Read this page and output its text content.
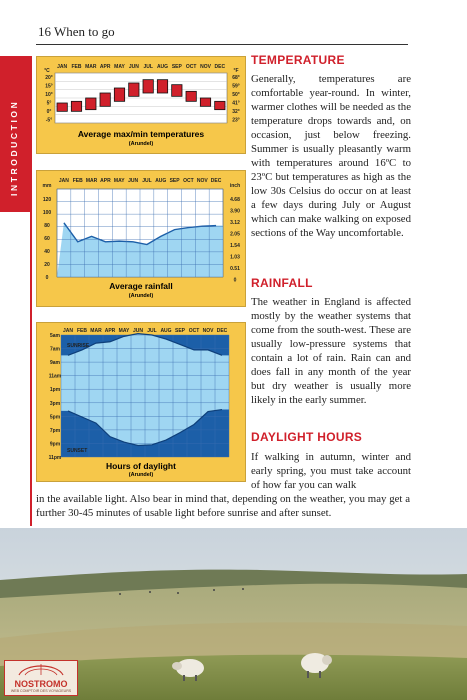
16 When to go
INTRODUCTION	Average max/min temperatures
(Arundel)
JAN FEB MAR APR MAY JUN JUL AUG SEP OCT NOV DEC
°C	°F
20°
15°
10°
5°
0°
-5°
68°
59°
50°
41°
32°
23°
Average rainfall
(Arundel)
JAN FEB MAR APR MAY JUN JUL AUG SEP OCT NOV DEC
mm	inch
120
100
80
60
40
20
0
4.68
3.90
3.12
2.05
1.54
1.03
0.51
0
Hours of daylight
(Arundel)
JAN FEB MAR APR MAY JUN JUL AUG SEP OCT NOV DEC
5am
7am
9am
11am
1pm
3pm
5pm
7pm
9pm
11pm
SUNRISE
SUNSET
TEMPERATURE
Generally, temperatures are comfortable year-round. In winter, warmer clothes will be needed as the temperature drops towards and, on occasion, just below freezing. Summer is usually pleasantly warm with temperatures around 16ºC to 23ºC but temperatures as high as the low 30s Celsius do occur on at least a few days during July or August which can make walking on exposed sections of the Way uncomfortable.
RAINFALL
The weather in England is affected mostly by the weather systems that come from the south-west. These are usually low-pressure systems that contain a lot of rain. Rain can and does fall in any month of the year but dry weather is usually more likely in the early summer.
DAYLIGHT HOURS
If walking in autumn, winter and early spring, you must take account of how far you can walk
in the available light. Also bear in mind that, depending on the weather, you may get a further 30-45 minutes of usable light before sunrise and after sunset.
NOSTROMO
WEB COMPTOIR DES VOYAGEURS
